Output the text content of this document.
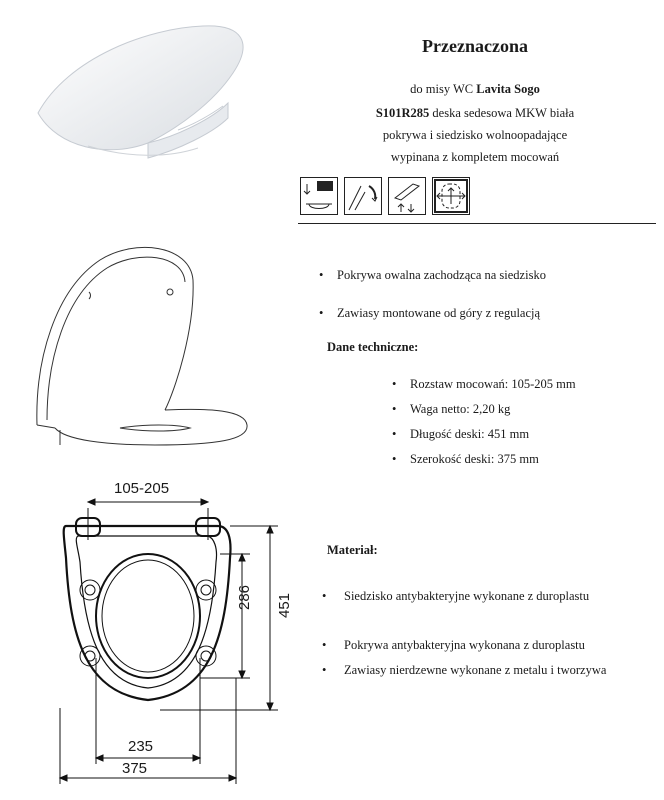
Przeznaczona
do misy WC Lavita Sogo
S101R285 deska sedesowa MKW biała
pokrywa i siedzisko wolnoopadające
wypinana z kompletem mocowań
• Pokrywa owalna zachodząca na siedzisko
• Zawiasy montowane od góry z regulacją
Dane techniczne:
• Rozstaw mocowań: 105-205 mm
• Waga netto: 2,20 kg
• Długość deski: 451 mm
• Szerokość deski: 375 mm
105-205
286 451
235
375
Materiał:
• Siedzisko antybakteryjne wykonane z duroplastu
• Pokrywa antybakteryjna wykonana z duroplastu
• Zawiasy nierdzewne wykonane z metalu i tworzywa
